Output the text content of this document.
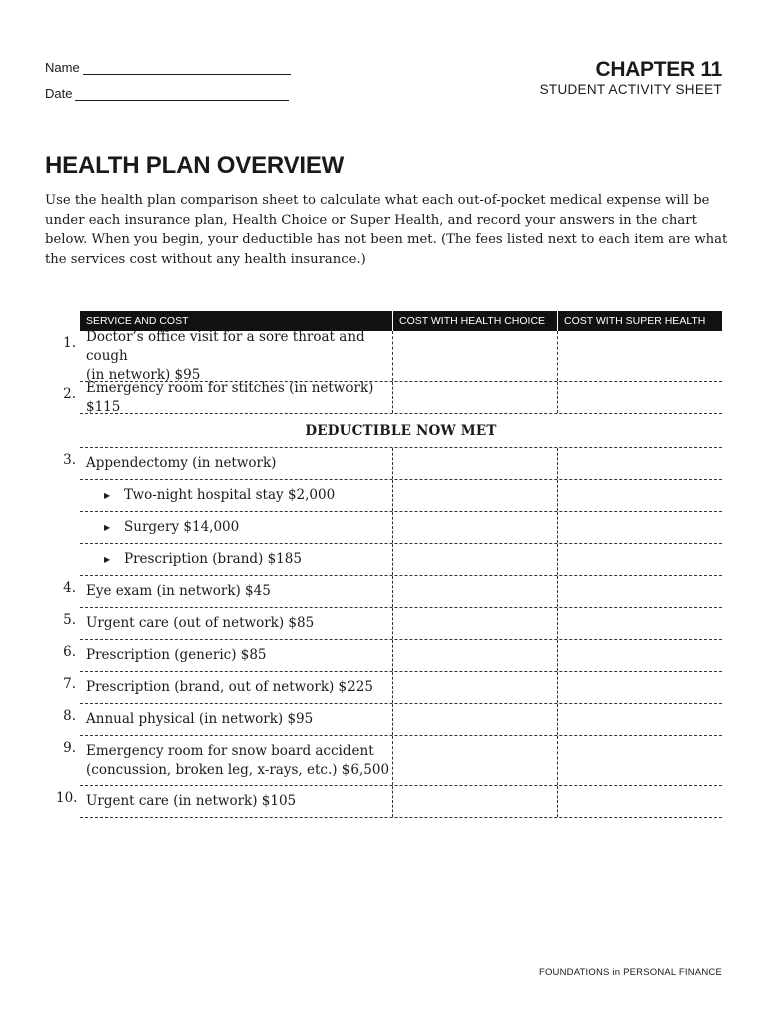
Name
Date
CHAPTER 11
STUDENT ACTIVITY SHEET
HEALTH PLAN OVERVIEW

Use the health plan comparison sheet to calculate what each out-of-pocket medical expense will be under each insurance plan, Health Choice or Super Health, and record your answers in the chart below. When you begin, your deductible has not been met. (The fees listed next to each item are what the services cost without any health insurance.)

SERVICE AND COST	COST WITH HEALTH CHOICE	COST WITH SUPER HEALTH
1. Doctor’s office visit for a sore throat and cough
(in network) $95
2. Emergency room for stitches (in network) $115
DEDUCTIBLE NOW MET
3. Appendectomy (in network)
▶ Two-night hospital stay $2,000
▶ Surgery $14,000
▶ Prescription (brand) $185
4. Eye exam (in network) $45
5. Urgent care (out of network) $85
6. Prescription (generic) $85
7. Prescription (brand, out of network) $225
8. Annual physical (in network) $95
9. Emergency room for snow board accident
(concussion, broken leg, x-rays, etc.) $6,500
10. Urgent care (in network) $105
FOUNDATIONS in PERSONAL FINANCE
